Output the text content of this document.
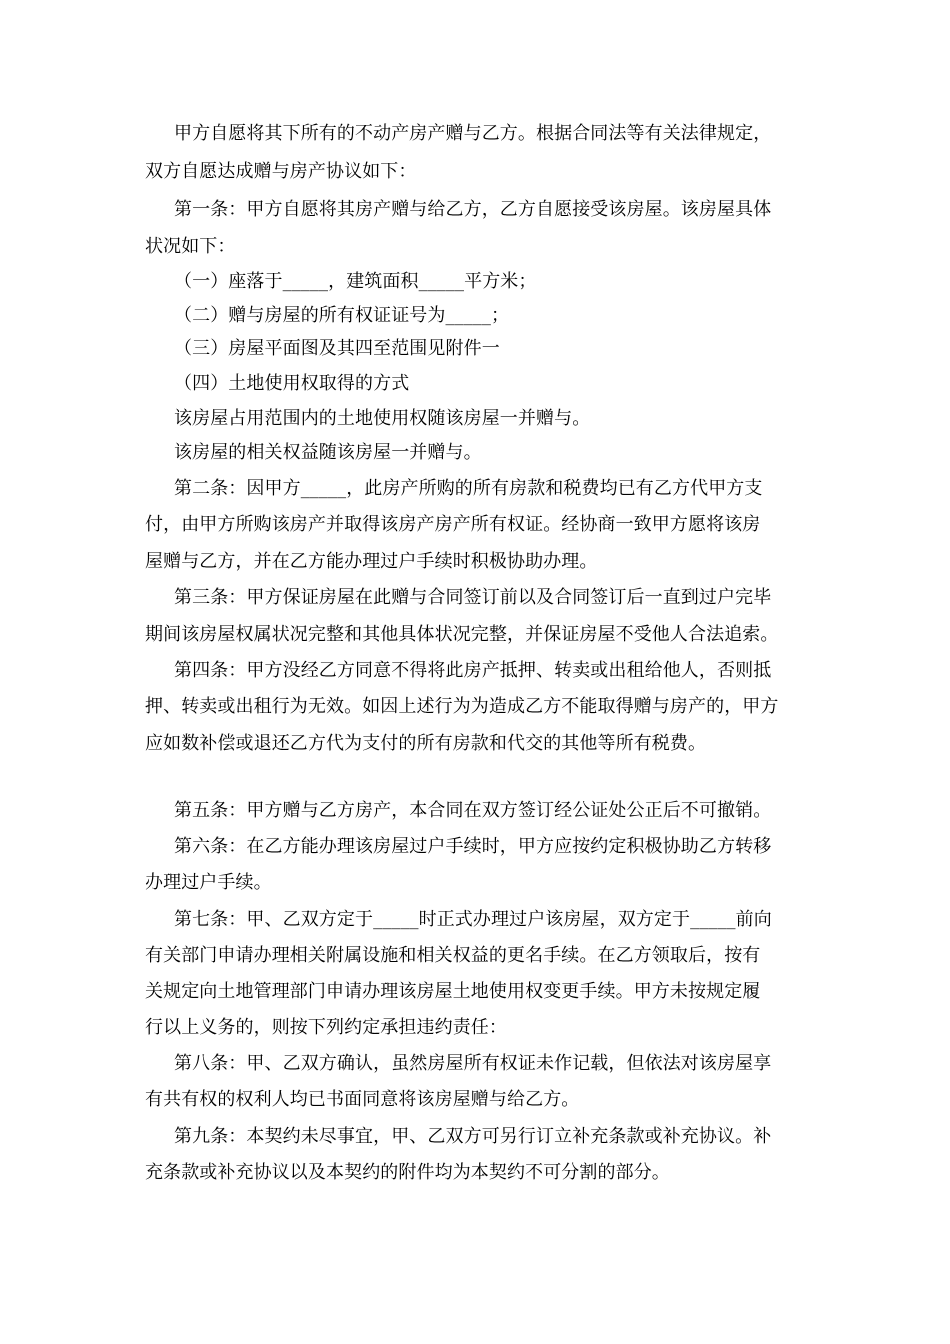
甲方自愿将其下所有的不动产房产赠与乙方。根据合同法等有关法律规定，
双方自愿达成赠与房产协议如下：
第一条：甲方自愿将其房产赠与给乙方，乙方自愿接受该房屋。该房屋具体
状况如下：
（一）座落于_____，建筑面积_____平方米；
（二）赠与房屋的所有权证证号为_____；
（三）房屋平面图及其四至范围见附件一
（四）土地使用权取得的方式
该房屋占用范围内的土地使用权随该房屋一并赠与。
该房屋的相关权益随该房屋一并赠与。
第二条：因甲方_____，此房产所购的所有房款和税费均已有乙方代甲方支
付，由甲方所购该房产并取得该房产房产所有权证。经协商一致甲方愿将该房
屋赠与乙方，并在乙方能办理过户手续时积极协助办理。
第三条：甲方保证房屋在此赠与合同签订前以及合同签订后一直到过户完毕
期间该房屋权属状况完整和其他具体状况完整，并保证房屋不受他人合法追索。
第四条：甲方没经乙方同意不得将此房产抵押、转卖或出租给他人，否则抵
押、转卖或出租行为无效。如因上述行为为造成乙方不能取得赠与房产的，甲方
应如数补偿或退还乙方代为支付的所有房款和代交的其他等所有税费。
第五条：甲方赠与乙方房产，本合同在双方签订经公证处公正后不可撤销。
第六条：在乙方能办理该房屋过户手续时，甲方应按约定积极协助乙方转移
办理过户手续。
第七条：甲、乙双方定于_____时正式办理过户该房屋，双方定于_____前向
有关部门申请办理相关附属设施和相关权益的更名手续。在乙方领取后，按有
关规定向土地管理部门申请办理该房屋土地使用权变更手续。甲方未按规定履
行以上义务的，则按下列约定承担违约责任：
第八条：甲、乙双方确认，虽然房屋所有权证未作记载，但依法对该房屋享
有共有权的权利人均已书面同意将该房屋赠与给乙方。
第九条：本契约未尽事宜，甲、乙双方可另行订立补充条款或补充协议。补
充条款或补充协议以及本契约的附件均为本契约不可分割的部分。
